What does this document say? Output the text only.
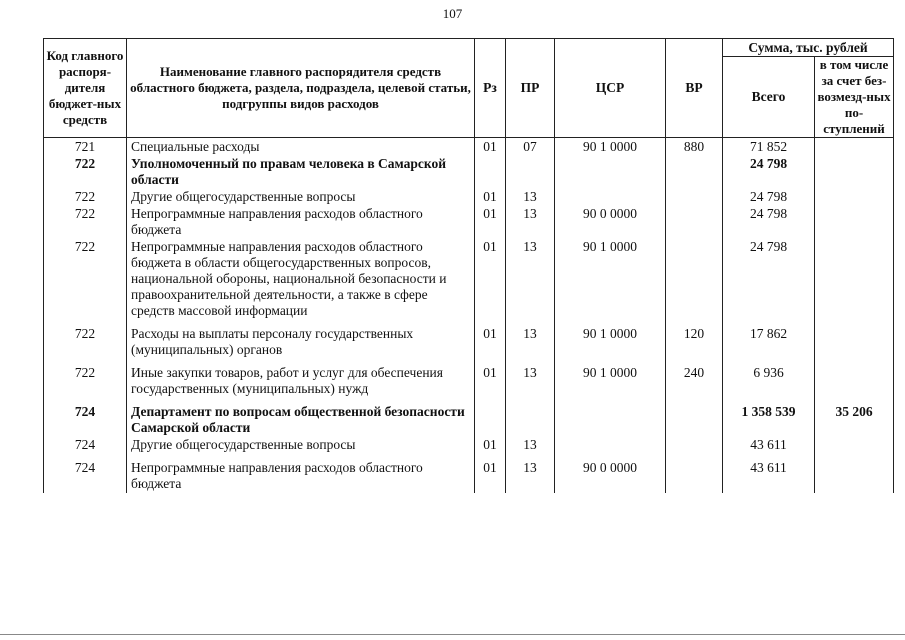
107
Код главного распоря-дителя бюджет-ных средств	Наименование главного распорядителя средств областного бюджета, раздела, подраздела, целевой статьи, подгруппы видов расходов	Рз	ПР	ЦСР	ВР	Сумма, тыс. рублей	
						Всего	в том числе за счет без-возмезд-ных по-ступлений
721	Специальные расходы	01	07	90 1 0000	880	71 852	
722	Уполномоченный по правам человека в Самарской области					24 798	
722	Другие общегосударственные вопросы	01	13			24 798	
722	Непрограммные направления расходов областного бюджета	01	13	90 0 0000		24 798	
722	Непрограммные направления расходов областного бюджета в области общегосударственных вопросов, национальной обороны, национальной безопасности и правоохранительной деятельности, а также в сфере средств массовой информации	01	13	90 1 0000		24 798	
722	Расходы на выплаты персоналу государственных (муниципальных) органов	01	13	90 1 0000	120	17 862	
722	Иные закупки товаров, работ и услуг для обеспечения государственных (муниципальных) нужд	01	13	90 1 0000	240	6 936	
724	Департамент по вопросам общественной безопасности Самарской области					1 358 539	35 206
724	Другие общегосударственные вопросы	01	13			43 611	
724	Непрограммные направления расходов областного бюджета	01	13	90 0 0000		43 611	
